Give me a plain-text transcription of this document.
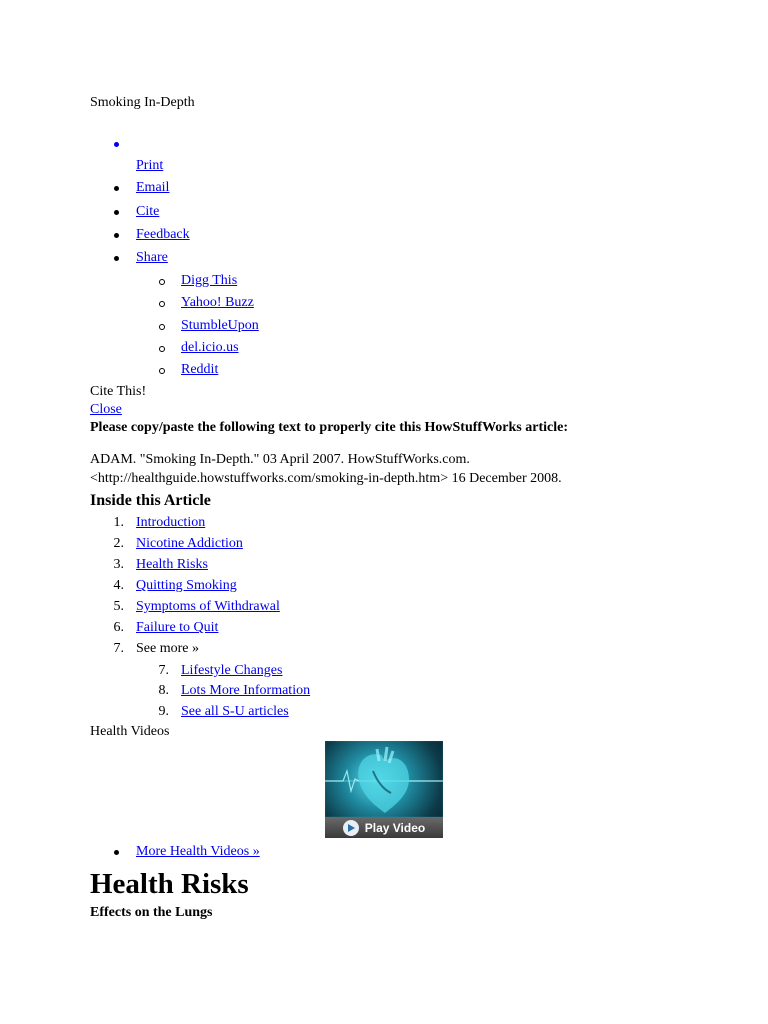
Smoking In-Depth
Print
Email
Cite
Feedback
Share
Digg This
Yahoo! Buzz
StumbleUpon
del.icio.us
Reddit
Cite This!
Close
Please copy/paste the following text to properly cite this HowStuffWorks article:
ADAM. "Smoking In-Depth." 03 April 2007. HowStuffWorks.com.
<http://healthguide.howstuffworks.com/smoking-in-depth.htm> 16 December 2008.
Inside this Article
1. Introduction
2. Nicotine Addiction
3. Health Risks
4. Quitting Smoking
5. Symptoms of Withdrawal
6. Failure to Quit
7. See more »
7. Lifestyle Changes
8. Lots More Information
9. See all S-U articles
Health Videos
Play Video
More Health Videos »
Health Risks
Effects on the Lungs
